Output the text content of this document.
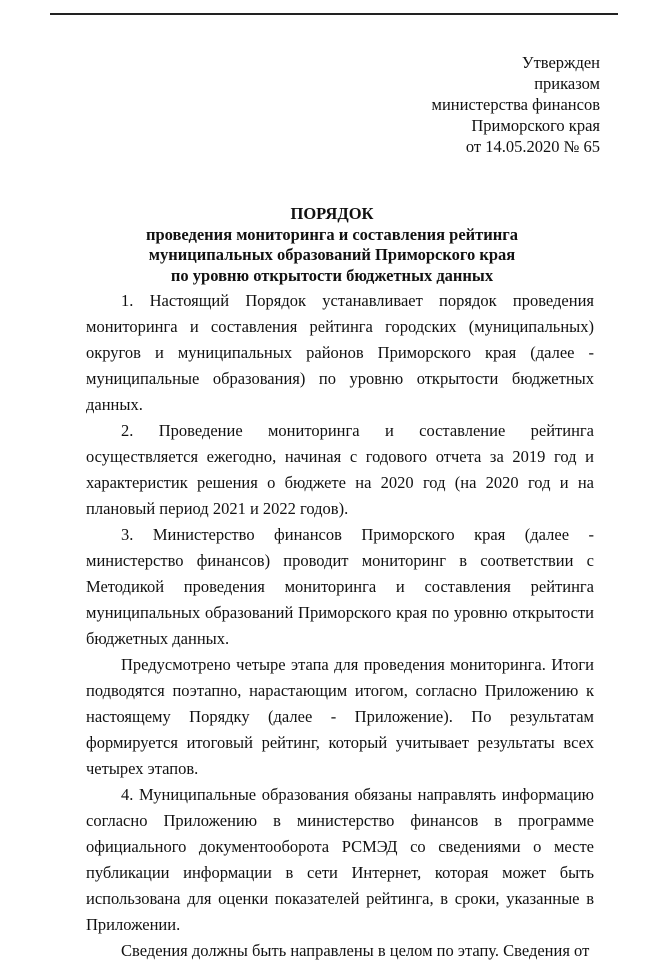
Утвержден
приказом
министерства финансов
Приморского края
от 14.05.2020 № 65
ПОРЯДОК
проведения мониторинга и составления рейтинга
муниципальных образований Приморского края
по уровню открытости бюджетных данных

1. Настоящий Порядок устанавливает порядок проведения мониторинга и составления рейтинга городских (муниципальных) округов и муниципальных районов Приморского края (далее - муниципальные образования) по уровню открытости бюджетных данных.

2. Проведение мониторинга и составление рейтинга осуществляется ежегодно, начиная с годового отчета за 2019 год и характеристик решения о бюджете на 2020 год (на 2020 год и на плановый период 2021 и 2022 годов).

3. Министерство финансов Приморского края (далее - министерство финансов) проводит мониторинг в соответствии с Методикой проведения мониторинга и составления рейтинга муниципальных образований Приморского края по уровню открытости бюджетных данных.

Предусмотрено четыре этапа для проведения мониторинга. Итоги подводятся поэтапно, нарастающим итогом, согласно Приложению к настоящему Порядку (далее - Приложение). По результатам формируется итоговый рейтинг, который учитывает результаты всех четырех этапов.

4. Муниципальные образования обязаны направлять информацию согласно Приложению в министерство финансов в программе официального документооборота РСМЭД со сведениями о месте публикации информации в сети Интернет, которая может быть использована для оценки показателей рейтинга, в сроки, указанные в Приложении.

Сведения должны быть направлены в целом по этапу. Сведения от
